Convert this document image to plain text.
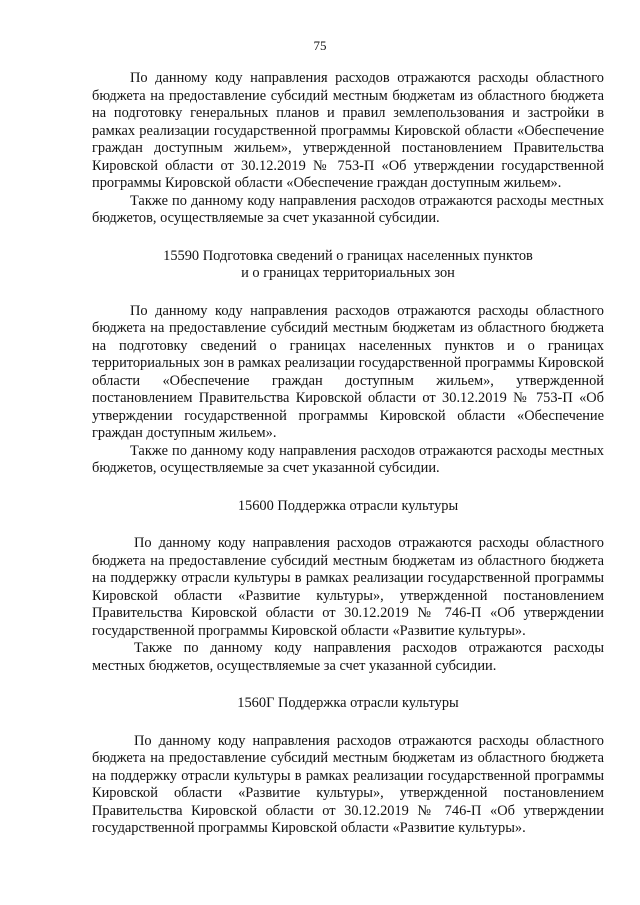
75

По данному коду направления расходов отражаются расходы областного бюджета на предоставление субсидий местным бюджетам из областного бюджета на подготовку генеральных планов и правил землепользования и застройки в рамках реализации государственной программы Кировской области «Обеспечение граждан доступным жильем», утвержденной постановлением Правительства Кировской области от 30.12.2019 № 753-П «Об утверждении государственной программы Кировской области «Обеспечение граждан доступным жильем».

Также по данному коду направления расходов отражаются расходы местных бюджетов, осуществляемые за счет указанной субсидии.

15590 Подготовка сведений о границах населенных пунктов
и о границах территориальных зон

По данному коду направления расходов отражаются расходы областного бюджета на предоставление субсидий местным бюджетам из областного бюджета на подготовку сведений о границах населенных пунктов и о границах территориальных зон в рамках реализации государственной программы Кировской области «Обеспечение граждан доступным жильем», утвержденной постановлением Правительства Кировской области от 30.12.2019 № 753-П «Об утверждении государственной программы Кировской области «Обеспечение граждан доступным жильем».

Также по данному коду направления расходов отражаются расходы местных бюджетов, осуществляемые за счет указанной субсидии.

15600 Поддержка отрасли культуры

По данному коду направления расходов отражаются расходы областного бюджета на предоставление субсидий местным бюджетам из областного бюджета на поддержку отрасли культуры в рамках реализации государственной программы Кировской области «Развитие культуры», утвержденной постановлением Правительства Кировской области от 30.12.2019 № 746-П «Об утверждении государственной программы Кировской области «Развитие культуры».

Также по данному коду направления расходов отражаются расходы местных бюджетов, осуществляемые за счет указанной субсидии.

1560Г Поддержка отрасли культуры

По данному коду направления расходов отражаются расходы областного бюджета на предоставление субсидий местным бюджетам из областного бюджета на поддержку отрасли культуры в рамках реализации государственной программы Кировской области «Развитие культуры», утвержденной постановлением Правительства Кировской области от 30.12.2019 № 746-П «Об утверждении государственной программы Кировской области «Развитие культуры».
